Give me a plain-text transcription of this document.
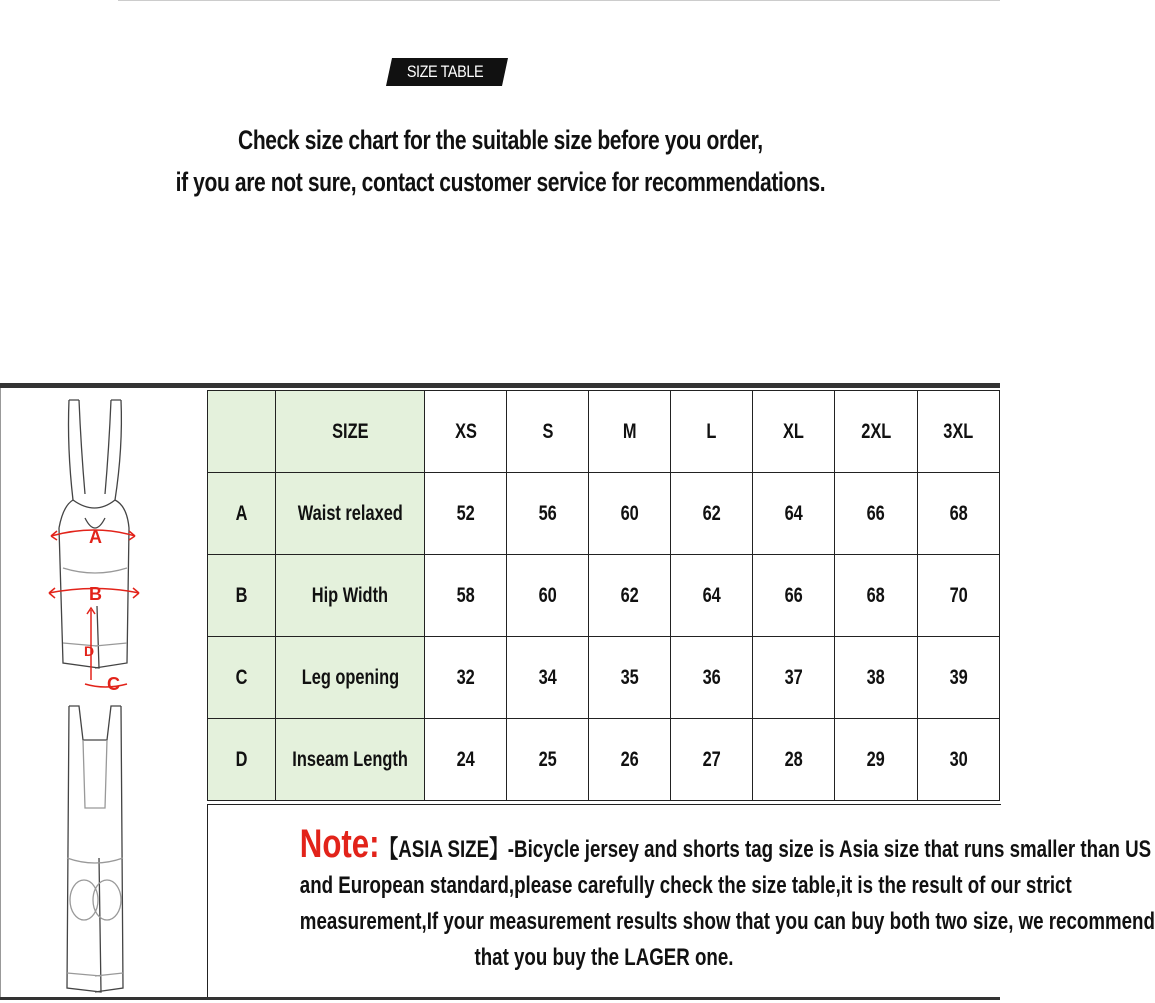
SIZE TABLE
Check size chart for the suitable size before you order,
if you are not sure, contact customer service for recommendations.
A
B
C
D
	SIZE	XS	S	M	L	XL	2XL	3XL
A	Waist relaxed	52	56	60	62	64	66	68
B	Hip Width	58	60	62	64	66	68	70
C	Leg opening	32	34	35	36	37	38	39
D	Inseam Length	24	25	26	27	28	29	30
Note:【ASIA SIZE】-Bicycle jersey and shorts tag size is Asia size that runs smaller than US
and European standard,please carefully check the size table,it is the result of our strict
measurement,If your measurement results show that you can buy both two size, we recommend
that you buy the LAGER one.
